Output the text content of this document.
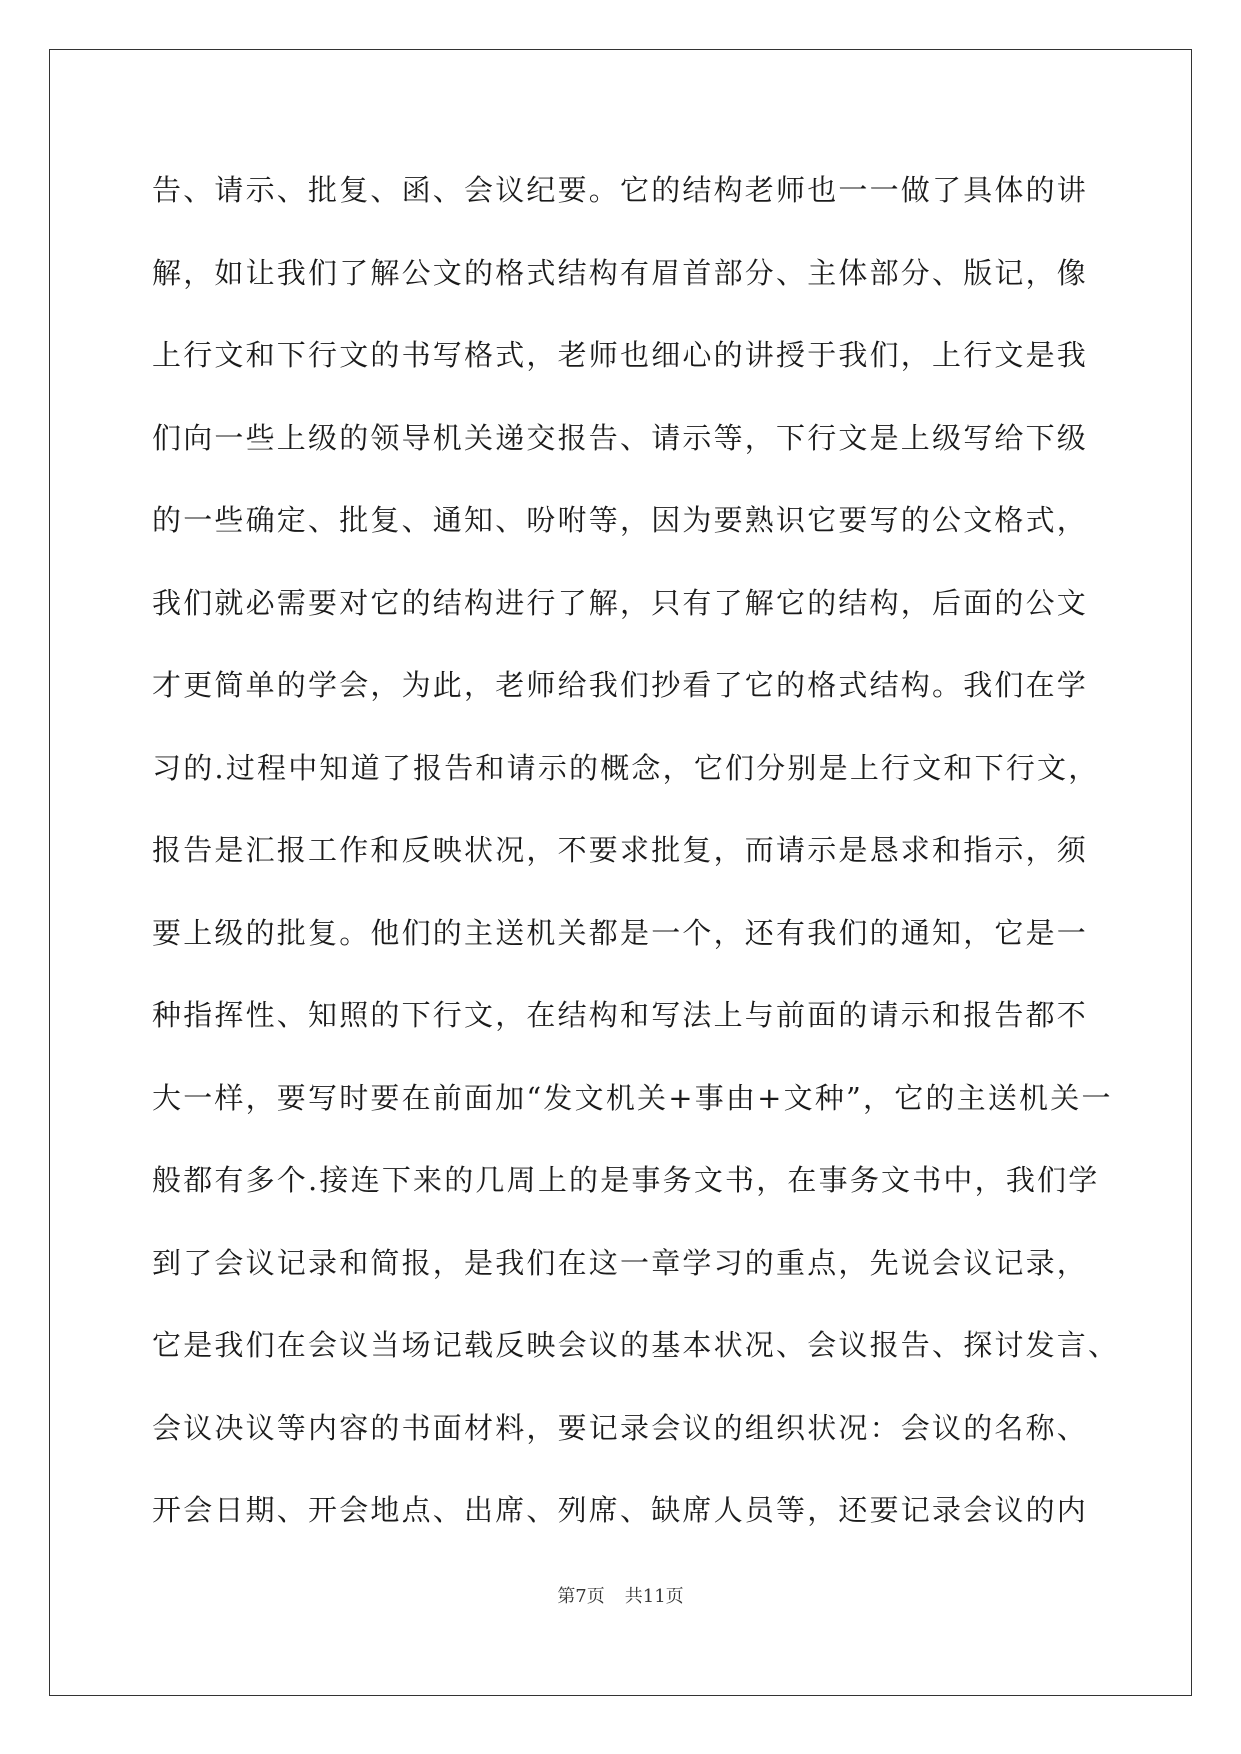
告、请示、批复、函、会议纪要。它的结构老师也一一做了具体的讲
解，如让我们了解公文的格式结构有眉首部分、主体部分、版记，像
上行文和下行文的书写格式，老师也细心的讲授于我们，上行文是我
们向一些上级的领导机关递交报告、请示等，下行文是上级写给下级
的一些确定、批复、通知、吩咐等，因为要熟识它要写的公文格式，
我们就必需要对它的结构进行了解，只有了解它的结构，后面的公文
才更简单的学会，为此，老师给我们抄看了它的格式结构。我们在学
习的.过程中知道了报告和请示的概念，它们分别是上行文和下行文，
报告是汇报工作和反映状况，不要求批复，而请示是恳求和指示，须
要上级的批复。他们的主送机关都是一个，还有我们的通知，它是一
种指挥性、知照的下行文，在结构和写法上与前面的请示和报告都不
大一样，要写时要在前面加“发文机关+事由+文种”，它的主送机关一
般都有多个.接连下来的几周上的是事务文书，在事务文书中，我们学
到了会议记录和简报，是我们在这一章学习的重点，先说会议记录，
它是我们在会议当场记载反映会议的基本状况、会议报告、探讨发言、
会议决议等内容的书面材料，要记录会议的组织状况：会议的名称、
开会日期、开会地点、出席、列席、缺席人员等，还要记录会议的内
第7页 共11页
